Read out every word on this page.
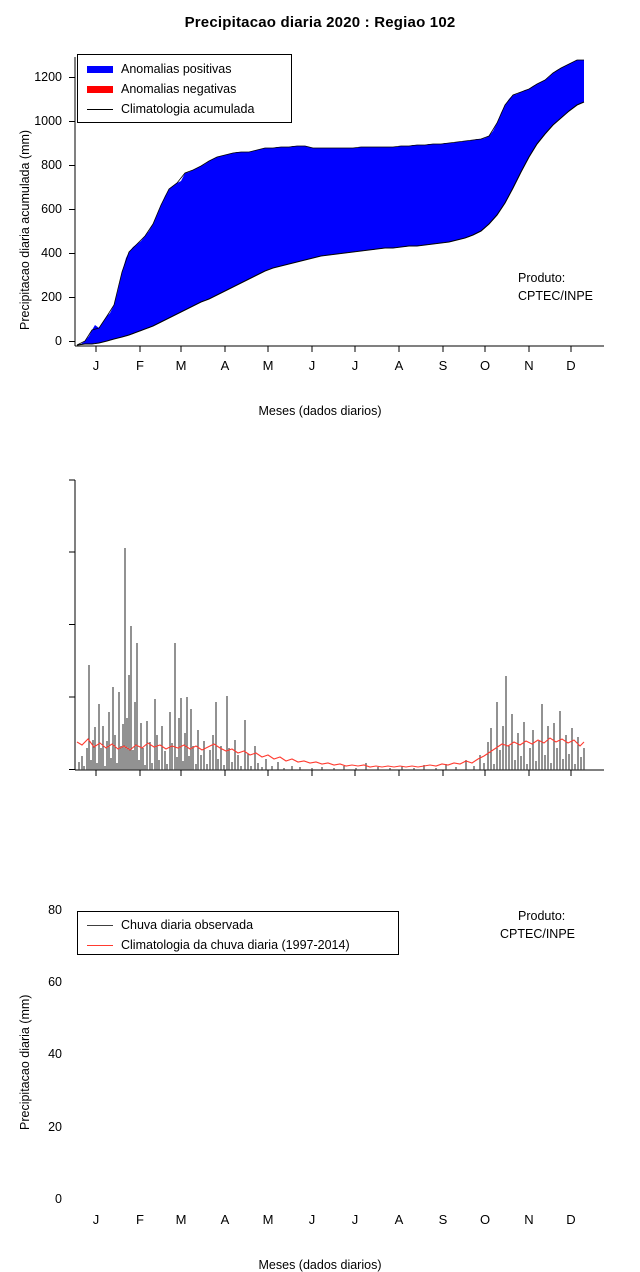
Precipitacao diaria 2020 : Regiao 102
Precipitacao diaria acumulada (mm)
0
200
400
600
800
1000
1200
J	F	M	A	M	J	J	A	S	O	N	D
Meses (dados diarios)
Anomalias positivas
Anomalias negativas
Climatologia acumulada
Produto:
CPTEC/INPE
Precipitacao diaria (mm)
0
20
40
60
80
J	F	M	A	M	J	J	A	S	O	N	D
Meses (dados diarios)
Chuva diaria observada
Climatologia da chuva diaria (1997-2014)
Produto:
CPTEC/INPE
